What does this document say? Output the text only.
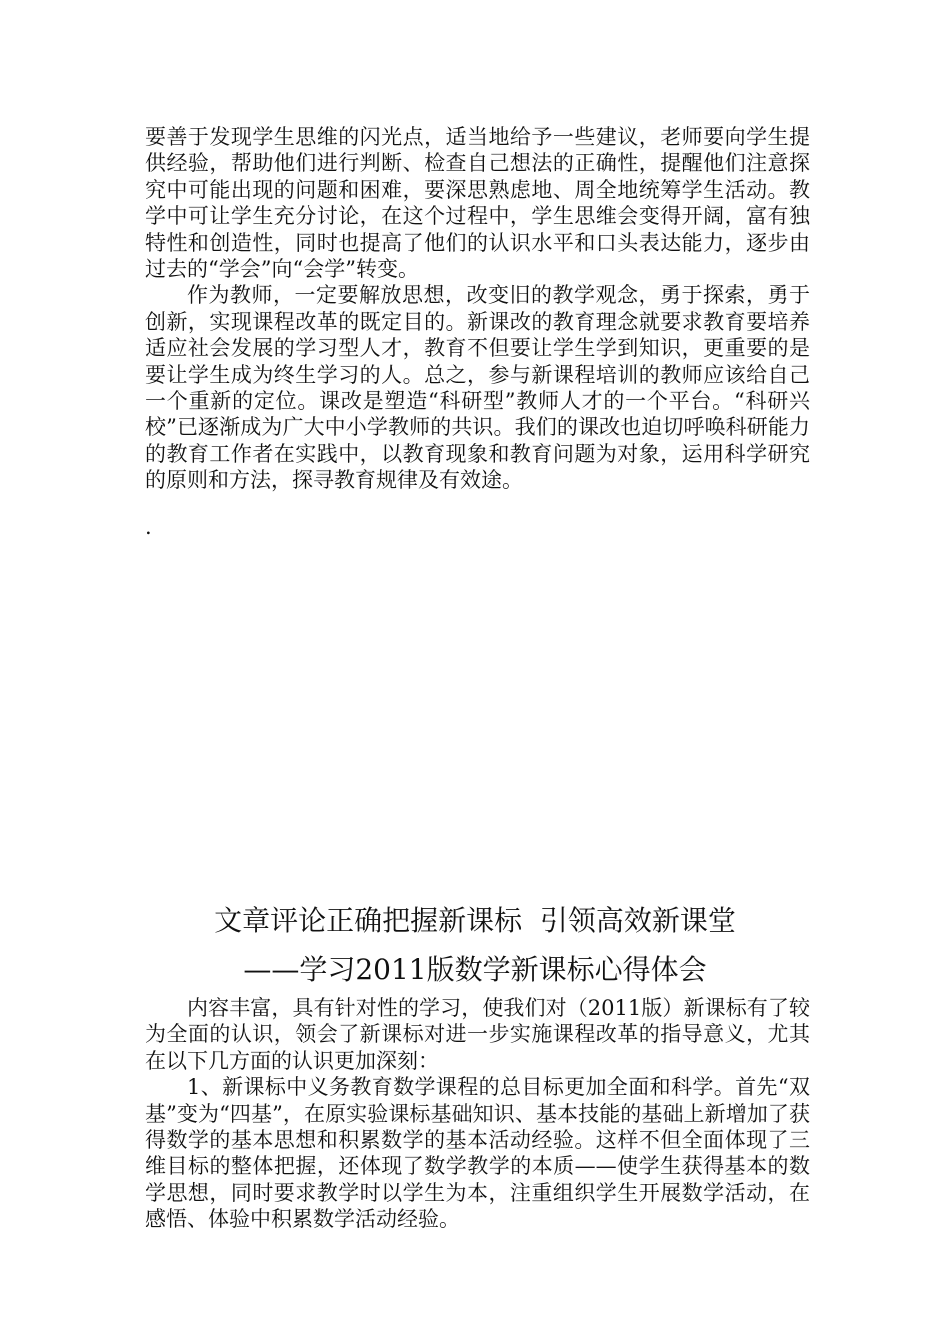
要善于发现学生思维的闪光点，适当地给予一些建议，老师要向学生提供经验，帮助他们进行判断、检查自己想法的正确性，提醒他们注意探究中可能出现的问题和困难，要深思熟虑地、周全地统筹学生活动。教学中可让学生充分讨论，在这个过程中，学生思维会变得开阔，富有独特性和创造性，同时也提高了他们的认识水平和口头表达能力，逐步由过去的“学会”向“会学”转变。

作为教师，一定要解放思想，改变旧的教学观念，勇于探索，勇于创新，实现课程改革的既定目的。新课改的教育理念就要求教育要培养适应社会发展的学习型人才，教育不但要让学生学到知识，更重要的是要让学生成为终生学习的人。总之，参与新课程培训的教师应该给自己一个重新的定位。课改是塑造“科研型”教师人才的一个平台。“科研兴校”已逐渐成为广大中小学教师的共识。我们的课改也迫切呼唤科研能力的教育工作者在实践中，以教育现象和教育问题为对象，运用科学研究的原则和方法，探寻教育规律及有效途。

.
文章评论正确把握新课标  引领高效新课堂
——学习2011版数学新课标心得体会

内容丰富，具有针对性的学习，使我们对（2011版）新课标有了较为全面的认识，领会了新课标对进一步实施课程改革的指导意义，尤其在以下几方面的认识更加深刻：

1、新课标中义务教育数学课程的总目标更加全面和科学。首先“双基”变为“四基”，在原实验课标基础知识、基本技能的基础上新增加了获得数学的基本思想和积累数学的基本活动经验。这样不但全面体现了三维目标的整体把握，还体现了数学教学的本质——使学生获得基本的数学思想，同时要求教学时以学生为本，注重组织学生开展数学活动，在感悟、体验中积累数学活动经验。
